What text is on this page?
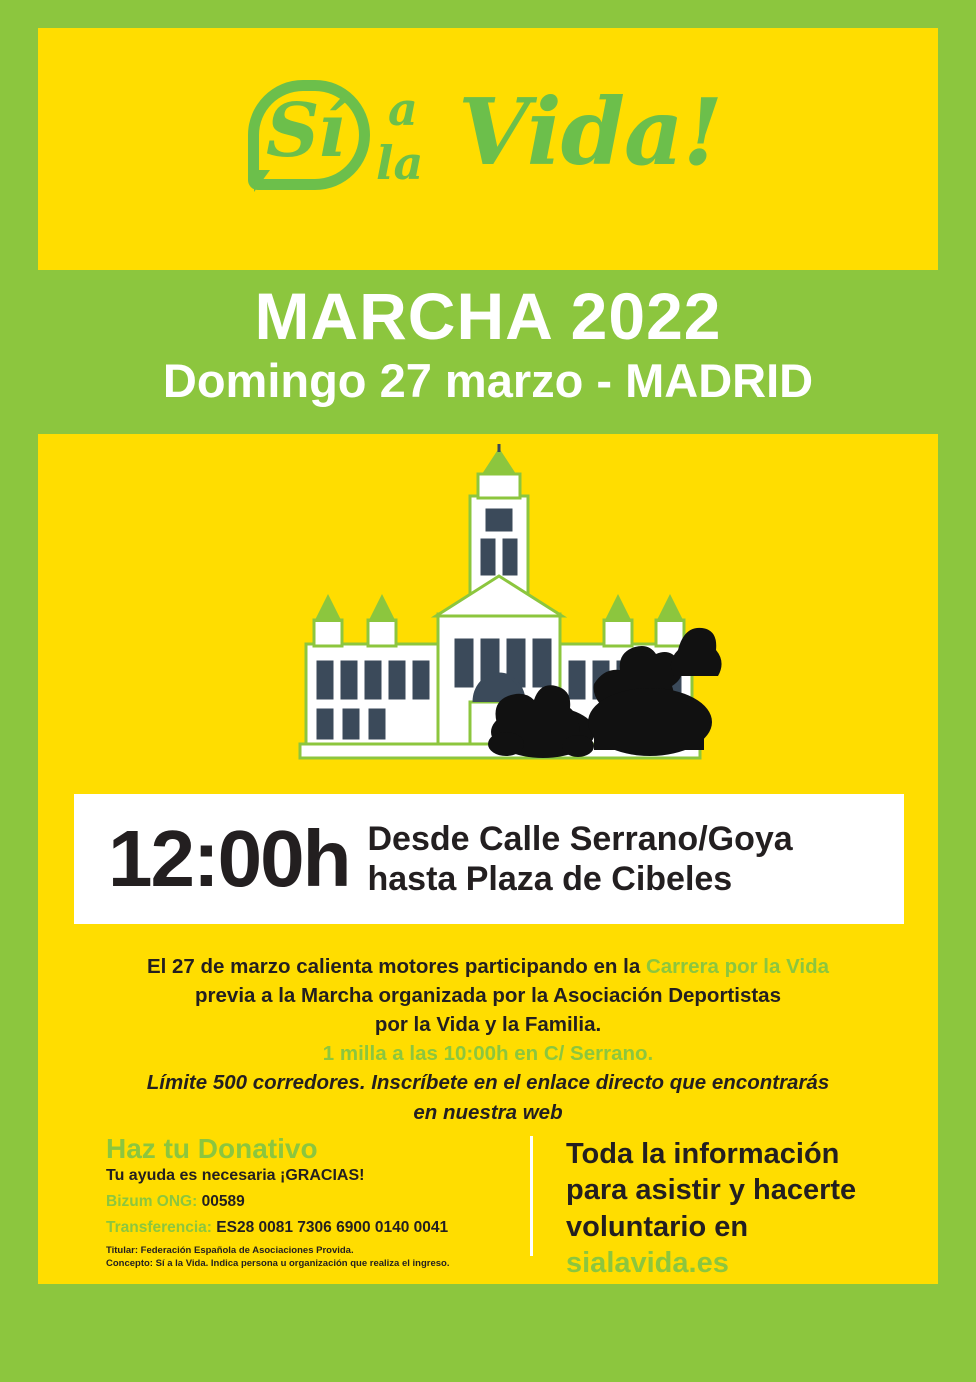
Sí a
la Vida!
MARCHA 2022
Domingo 27 marzo - MADRID
12:00h Desde Calle Serrano/Goya
hasta Plaza de Cibeles
El 27 de marzo calienta motores participando en la Carrera por la Vida
previa a la Marcha organizada por la Asociación Deportistas
por la Vida y la Familia.
1 milla a las 10:00h en C/ Serrano.
Límite 500 corredores. Inscríbete en el enlace directo que encontrarás
en nuestra web
Haz tu Donativo
Tu ayuda es necesaria ¡GRACIAS!
Bizum ONG: 00589
Transferencia: ES28 0081 7306 6900 0140 0041
Titular: Federación Española de Asociaciones Provida.
Concepto: Sí a la Vida. Indica persona u organización que realiza el ingreso.
Toda la información
para asistir y hacerte
voluntario en sialavida.es
